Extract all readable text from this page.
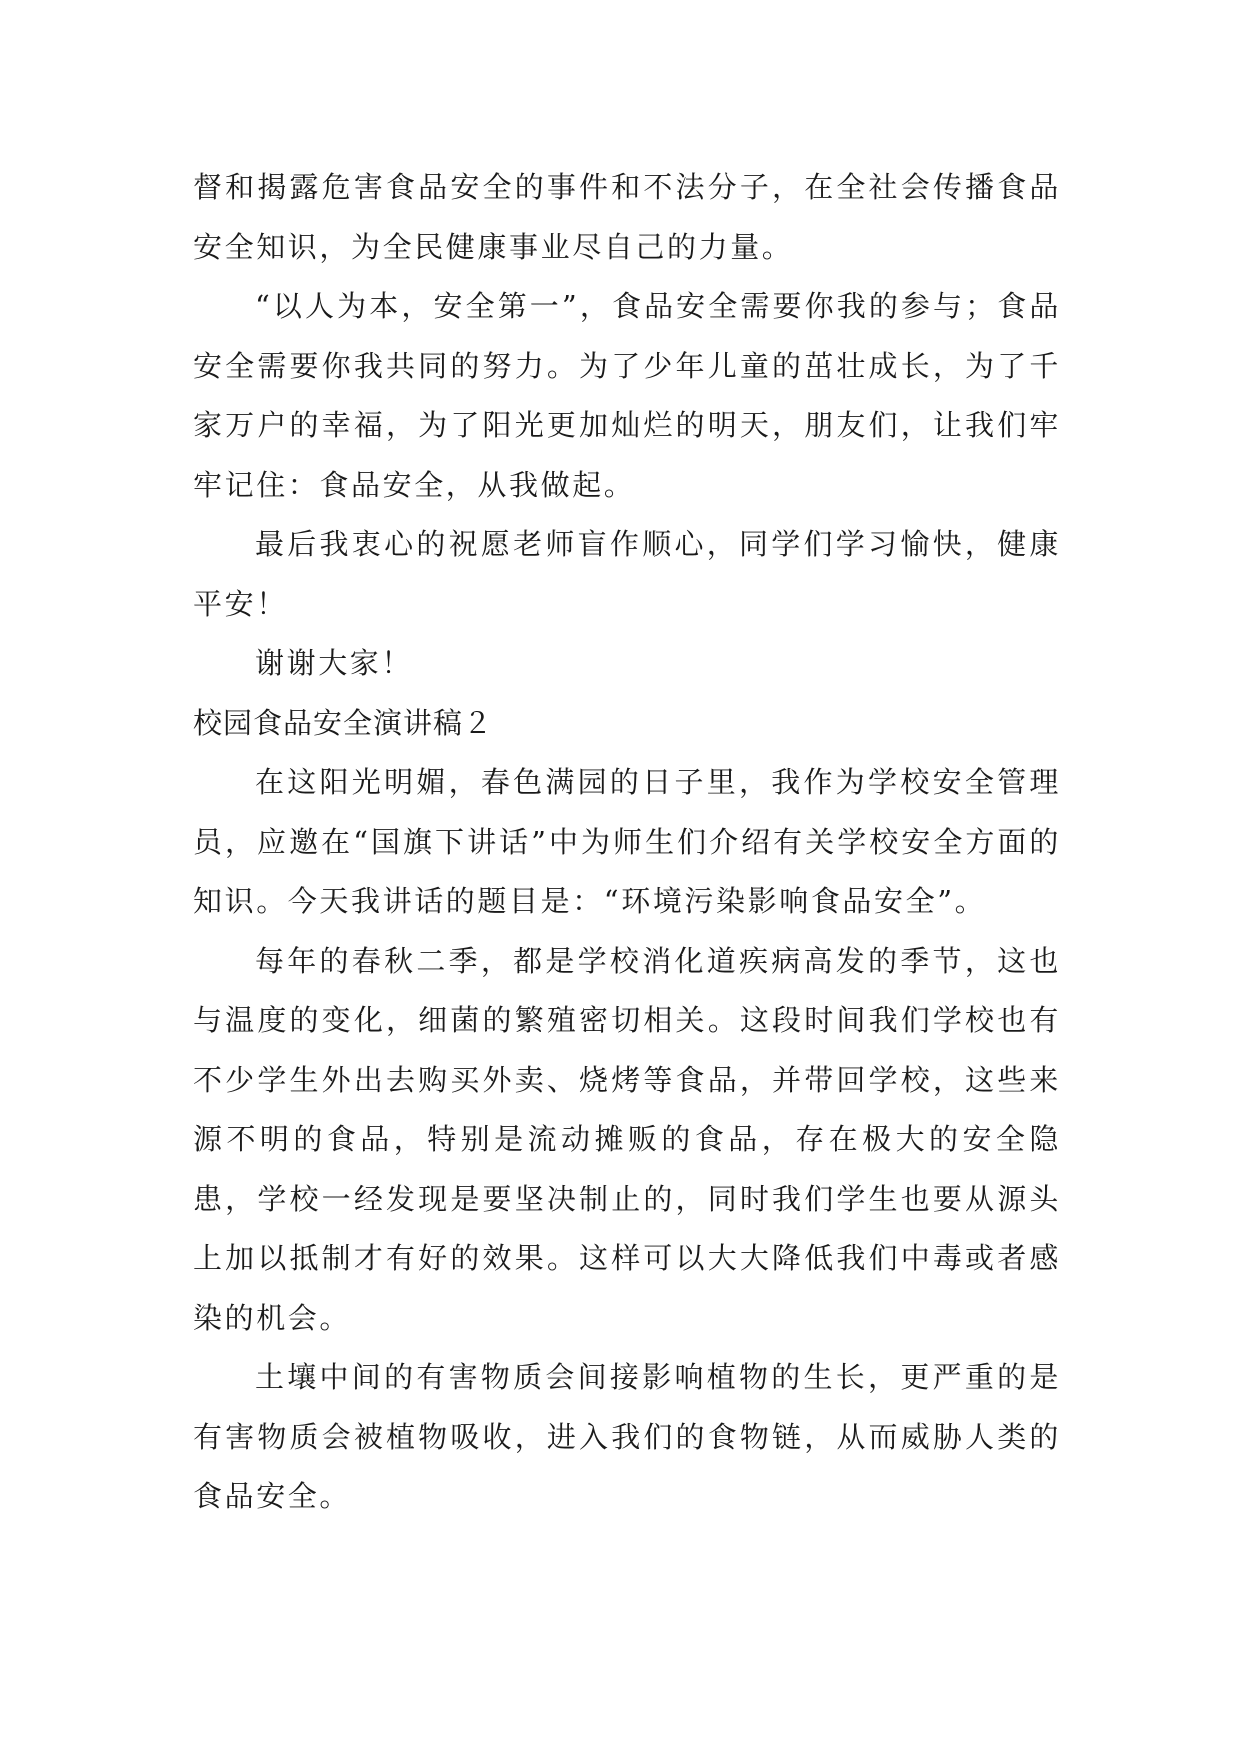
督和揭露危害食品安全的事件和不法分子，在全社会传播食品安全知识，为全民健康事业尽自己的力量。

“以人为本，安全第一”，食品安全需要你我的参与；食品安全需要你我共同的努力。为了少年儿童的茁壮成长，为了千家万户的幸福，为了阳光更加灿烂的明天，朋友们，让我们牢牢记住：食品安全，从我做起。

最后我衷心的祝愿老师盲作顺心，同学们学习愉快，健康平安！

谢谢大家！

校园食品安全演讲稿２

在这阳光明媚，春色满园的日子里，我作为学校安全管理员，应邀在“国旗下讲话”中为师生们介绍有关学校安全方面的知识。今天我讲话的题目是：“环境污染影响食品安全”。

每年的春秋二季，都是学校消化道疾病高发的季节，这也与温度的变化，细菌的繁殖密切相关。这段时间我们学校也有不少学生外出去购买外卖、烧烤等食品，并带回学校，这些来源不明的食品，特别是流动摊贩的食品，存在极大的安全隐患，学校一经发现是要坚决制止的，同时我们学生也要从源头上加以抵制才有好的效果。这样可以大大降低我们中毒或者感染的机会。

土壤中间的有害物质会间接影响植物的生长，更严重的是有害物质会被植物吸收，进入我们的食物链，从而威胁人类的食品安全。
